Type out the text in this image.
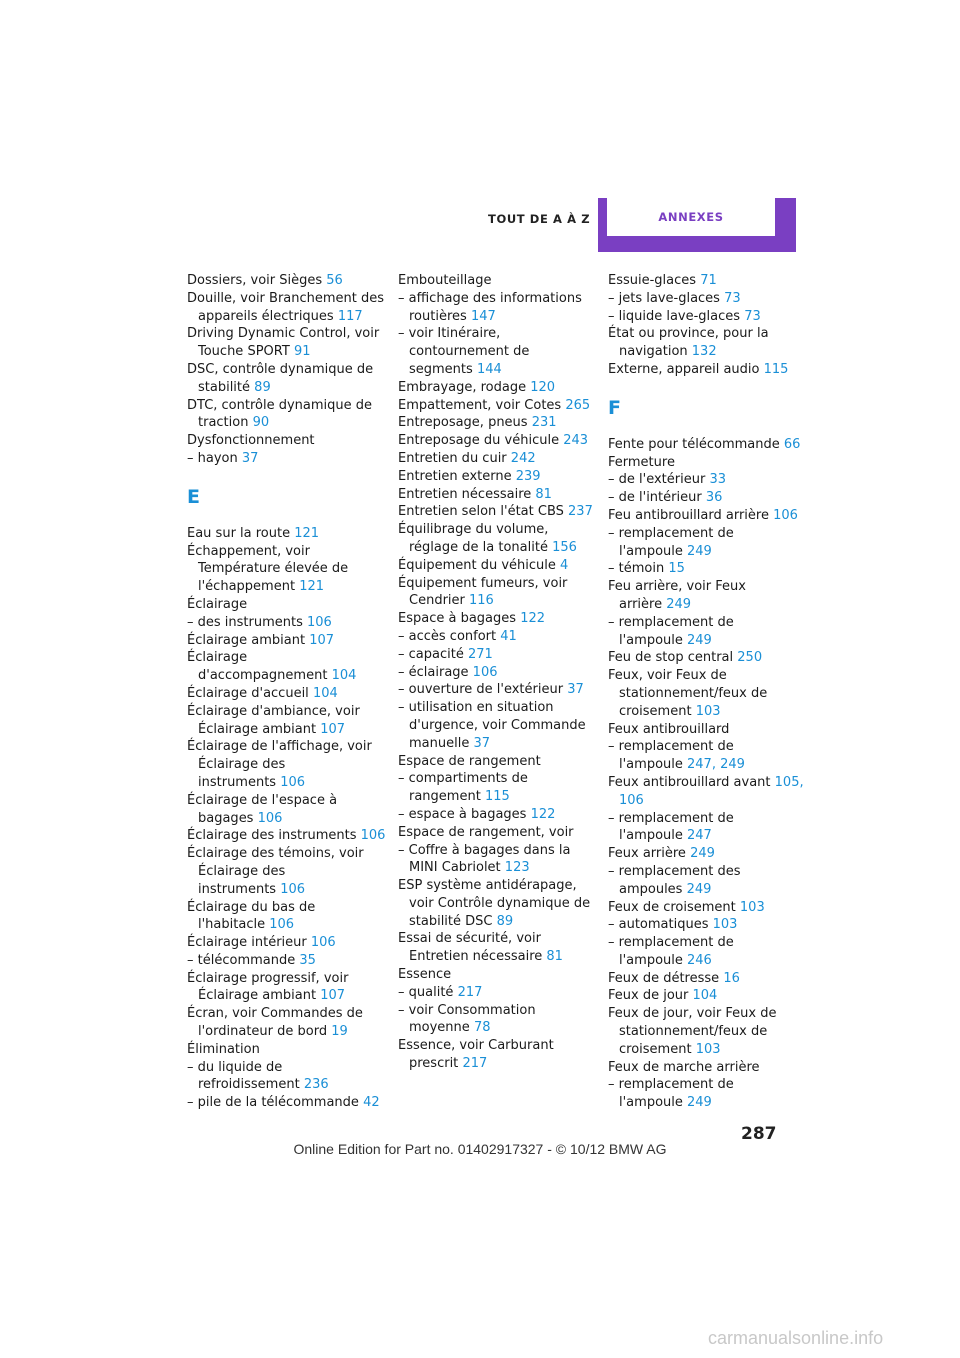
TOUT DE A À Z	ANNEXES
Dossiers, voir Sièges 56
Douille, voir Branchement des appareils électriques 117
Driving Dynamic Control, voir Touche SPORT 91
DSC, contrôle dynamique de stabilité 89
DTC, contrôle dynamique de traction 90
Dysfonctionnement
– hayon 37
E
Eau sur la route 121
Échappement, voir Température élevée de l'échappement 121
Éclairage
– des instruments 106
Éclairage ambiant 107
Éclairage d'accompagnement 104
Éclairage d'accueil 104
Éclairage d'ambiance, voir Éclairage ambiant 107
Éclairage de l'affichage, voir Éclairage des instruments 106
Éclairage de l'espace à bagages 106
Éclairage des instruments 106
Éclairage des témoins, voir Éclairage des instruments 106
Éclairage du bas de l'habitacle 106
Éclairage intérieur 106
– télécommande 35
Éclairage progressif, voir Éclairage ambiant 107
Écran, voir Commandes de l'ordinateur de bord 19
Élimination
– du liquide de refroidissement 236
– pile de la télécommande 42
Embouteillage
– affichage des informations routières 147
– voir Itinéraire, contournement de segments 144
Embrayage, rodage 120
Empattement, voir Cotes 265
Entreposage, pneus 231
Entreposage du véhicule 243
Entretien du cuir 242
Entretien externe 239
Entretien nécessaire 81
Entretien selon l'état CBS 237
Équilibrage du volume, réglage de la tonalité 156
Équipement du véhicule 4
Équipement fumeurs, voir Cendrier 116
Espace à bagages 122
– accès confort 41
– capacité 271
– éclairage 106
– ouverture de l'extérieur 37
– utilisation en situation d'urgence, voir Commande manuelle 37
Espace de rangement
– compartiments de rangement 115
– espace à bagages 122
Espace de rangement, voir
– Coffre à bagages dans la MINI Cabriolet 123
ESP système antidérapage, voir Contrôle dynamique de stabilité DSC 89
Essai de sécurité, voir Entretien nécessaire 81
Essence
– qualité 217
– voir Consommation moyenne 78
Essence, voir Carburant prescrit 217
Essuie-glaces 71
– jets lave-glaces 73
– liquide lave-glaces 73
État ou province, pour la navigation 132
Externe, appareil audio 115
F
Fente pour télécommande 66
Fermeture
– de l'extérieur 33
– de l'intérieur 36
Feu antibrouillard arrière 106
– remplacement de l'ampoule 249
– témoin 15
Feu arrière, voir Feux arrière 249
– remplacement de l'ampoule 249
Feu de stop central 250
Feux, voir Feux de stationnement/feux de croisement 103
Feux antibrouillard
– remplacement de l'ampoule 247, 249
Feux antibrouillard avant 105, 106
– remplacement de l'ampoule 247
Feux arrière 249
– remplacement des ampoules 249
Feux de croisement 103
– automatiques 103
– remplacement de l'ampoule 246
Feux de détresse 16
Feux de jour 104
Feux de jour, voir Feux de stationnement/feux de croisement 103
Feux de marche arrière
– remplacement de l'ampoule 249
287
Online Edition for Part no. 01402917327 - © 10/12 BMW AG
carmanualsonline.info
